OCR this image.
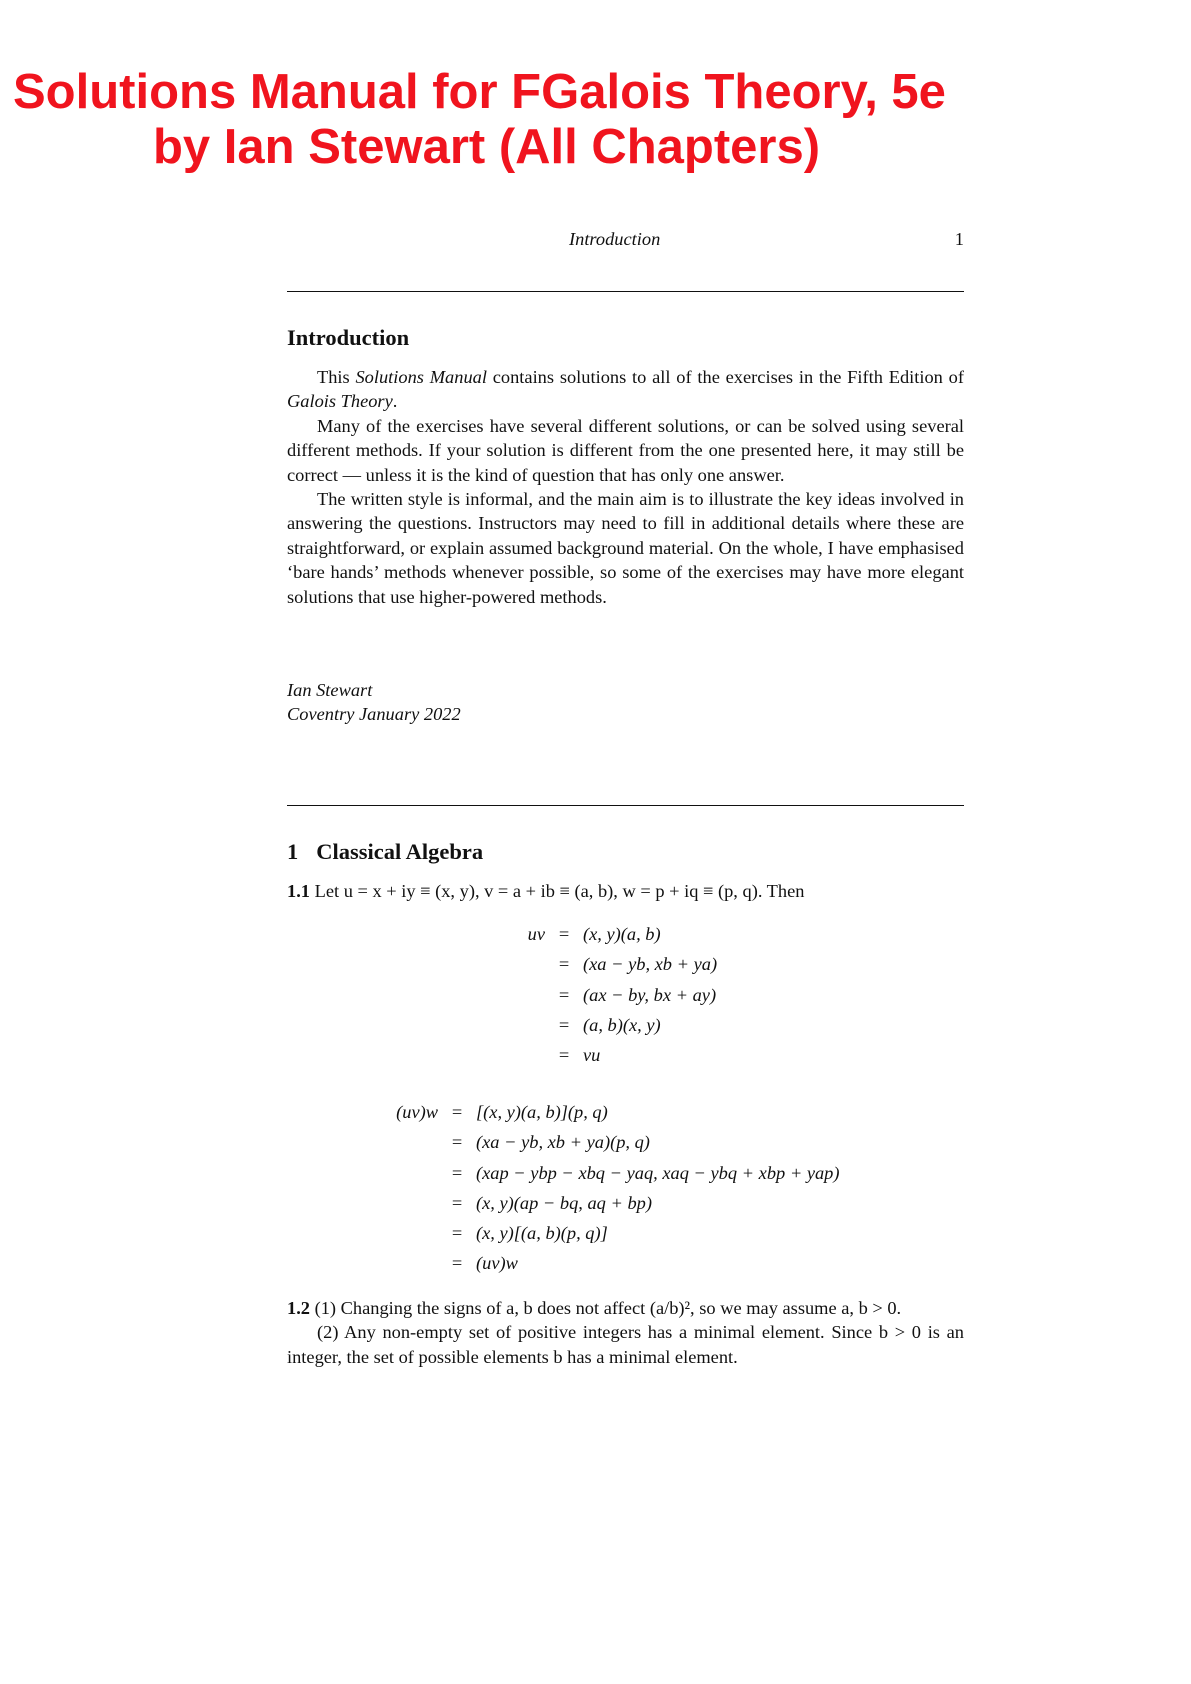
Solutions Manual for FGalois Theory, 5e
by Ian Stewart (All Chapters)
Introduction	1
Introduction

This Solutions Manual contains solutions to all of the exercises in the Fifth Edition of Galois Theory.

Many of the exercises have several different solutions, or can be solved using several different methods. If your solution is different from the one presented here, it may still be correct — unless it is the kind of question that has only one answer.

The written style is informal, and the main aim is to illustrate the key ideas involved in answering the questions. Instructors may need to fill in additional details where these are straightforward, or explain assumed background material. On the whole, I have emphasised ‘bare hands’ methods whenever possible, so some of the exercises may have more elegant solutions that use higher-powered methods.

Ian Stewart
Coventry January 2022
1 Classical Algebra
1.1 Let u = x + iy ≡ (x, y), v = a + ib ≡ (a, b), w = p + iq ≡ (p, q). Then
uv = (x, y)(a, b)
= (xa − yb, xb + ya)
= (ax − by, bx + ay)
= (a, b)(x, y)
= vu
(uv)w = [(x, y)(a, b)](p, q)
= (xa − yb, xb + ya)(p, q)
= (xap − ybp − xbq − yaq, xaq − ybq + xbp + yap)
= (x, y)(ap − bq, aq + bp)
= (x, y)[(a, b)(p, q)]
= (uv)w

1.2 (1) Changing the signs of a, b does not affect (a/b)², so we may assume a, b > 0.

(2) Any non-empty set of positive integers has a minimal element. Since b > 0 is an integer, the set of possible elements b has a minimal element.
